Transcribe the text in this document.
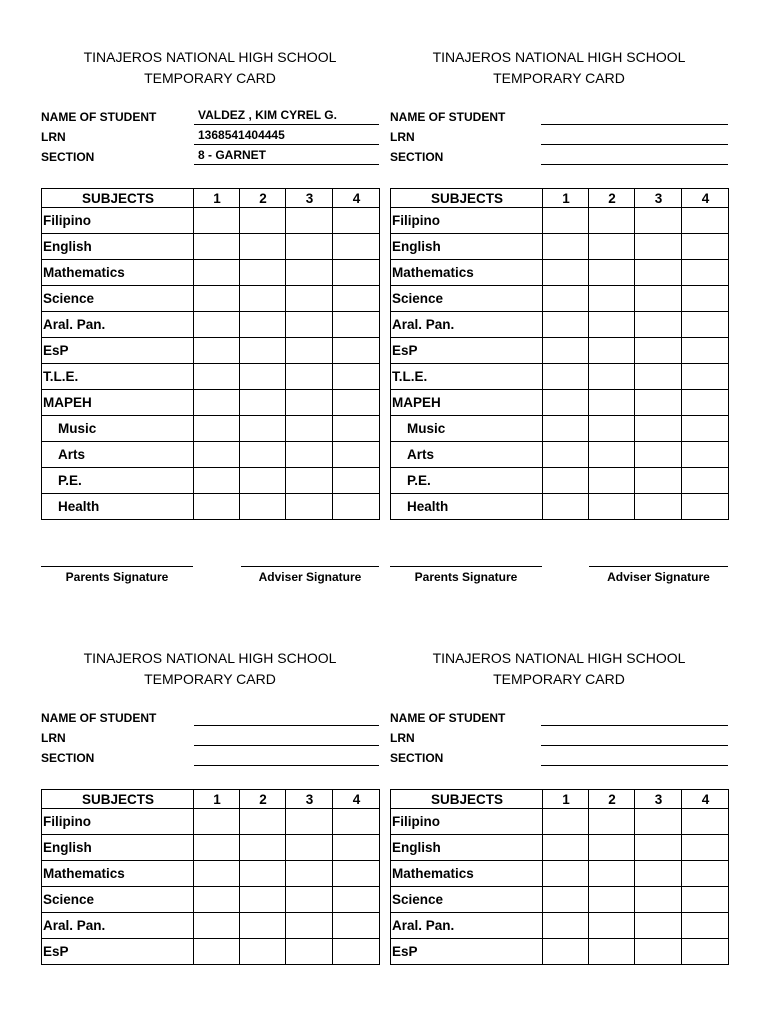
TINAJEROS NATIONAL HIGH SCHOOL
TEMPORARY CARD
NAME OF STUDENT	VALDEZ , KIM CYREL G.
LRN	1368541404445
SECTION	8 - GARNET
SUBJECTS	1	2	3	4
Filipino				
English				
Mathematics				
Science				
Aral. Pan.				
EsP				
T.L.E.				
MAPEH				
Music				
Arts				
P.E.				
Health				
Parents Signature	Adviser Signature
TINAJEROS NATIONAL HIGH SCHOOL
TEMPORARY CARD
NAME OF STUDENT
LRN
SECTION
SUBJECTS	1	2	3	4
Filipino				
English				
Mathematics				
Science				
Aral. Pan.				
EsP				
T.L.E.				
MAPEH				
Music				
Arts				
P.E.				
Health				
Parents Signature	Adviser Signature
TINAJEROS NATIONAL HIGH SCHOOL
TEMPORARY CARD
NAME OF STUDENT
LRN
SECTION
SUBJECTS	1	2	3	4
Filipino				
English				
Mathematics				
Science				
Aral. Pan.				
EsP				
TINAJEROS NATIONAL HIGH SCHOOL
TEMPORARY CARD
NAME OF STUDENT
LRN
SECTION
SUBJECTS	1	2	3	4
Filipino				
English				
Mathematics				
Science				
Aral. Pan.				
EsP				
